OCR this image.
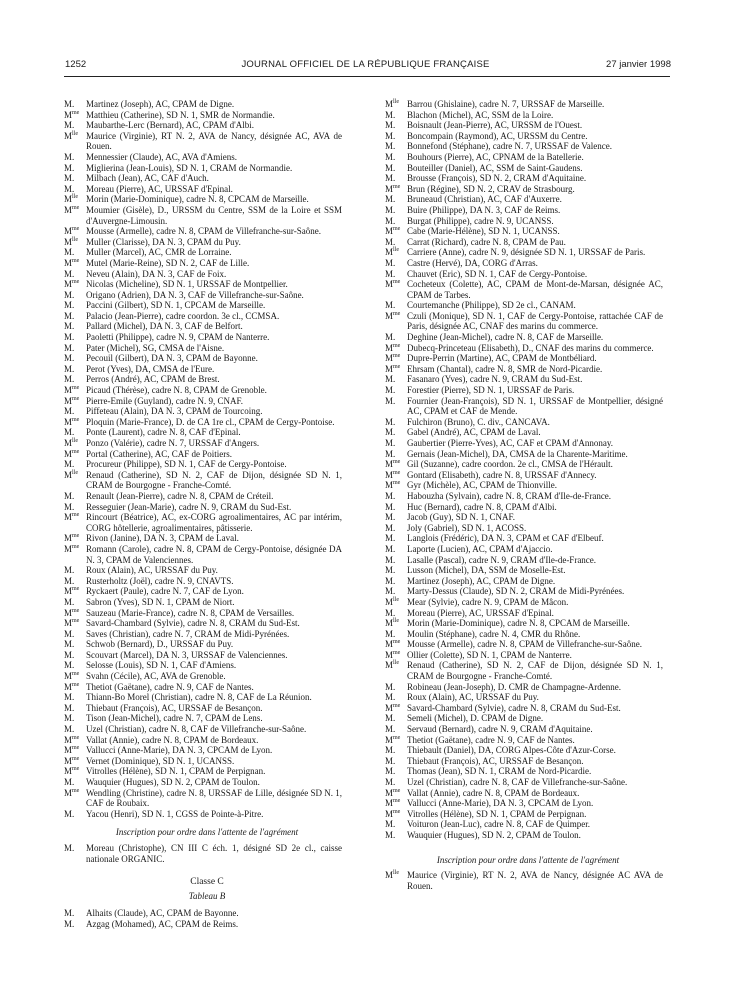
1252	JOURNAL OFFICIEL DE LA RÉPUBLIQUE FRANÇAISE	27 janvier 1998
M.	Martinez (Joseph), AC, CPAM de Digne.
$M^{me}$ Matthieu (Catherine), SD N. 1, SMR de Normandie.
M.	Maubarthe-Lerc (Bernard), AC, CPAM d'Albi.
$M^{lle}$ Maurice (Virginie), RT N. 2, AVA de Nancy, désignée AC, AVA de Rouen.
M.	Mennessier (Claude), AC, AVA d'Amiens.
M.	Miglierina (Jean-Louis), SD N. 1, CRAM de Normandie.
M.	Milbach (Jean), AC, CAF d'Auch.
M.	Moreau (Pierre), AC, URSSAF d'Epinal.
$M^{lle}$ Morin (Marie-Dominique), cadre N. 8, CPCAM de Marseille.
$M^{me}$ Moumier (Gisèle), D., URSSM du Centre, SSM de la Loire et SSM d'Auvergne-Limousin.
$M^{me}$ Mousse (Armelle), cadre N. 8, CPAM de Villefranche-sur-Saône.
$M^{lle}$ Muller (Clarisse), DA N. 3, CPAM du Puy.
M.	Muller (Marcel), AC, CMR de Lorraine.
$M^{me}$ Mutel (Marie-Reine), SD N. 2, CAF de Lille.
M.	Neveu (Alain), DA N. 3, CAF de Foix.
$M^{me}$ Nicolas (Micheline), SD N. 1, URSSAF de Montpellier.
M.	Origano (Adrien), DA N. 3, CAF de Villefranche-sur-Saône.
M.	Paccini (Gilbert), SD N. 1, CPCAM de Marseille.
M.	Palacio (Jean-Pierre), cadre coordon. 3e cl., CCMSA.
M.	Pallard (Michel), DA N. 3, CAF de Belfort.
M.	Paoletti (Philippe), cadre N. 9, CPAM de Nanterre.
M.	Pater (Michel), SG, CMSA de l'Aisne.
M.	Pecouil (Gilbert), DA N. 3, CPAM de Bayonne.
M.	Perot (Yves), DA, CMSA de l'Eure.
M.	Perros (André), AC, CPAM de Brest.
$M^{me}$ Picaud (Thérèse), cadre N. 8, CPAM de Grenoble.
$M^{me}$ Pierre-Emile (Guyland), cadre N. 9, CNAF.
M.	Piffeteau (Alain), DA N. 3, CPAM de Tourcoing.
$M^{me}$ Ploquin (Marie-France), D. de CA 1re cl., CPAM de Cergy-Pontoise.
M.	Ponte (Laurent), cadre N. 8, CAF d'Epinal.
$M^{lle}$ Ponzo (Valérie), cadre N. 7, URSSAF d'Angers.
$M^{me}$ Portal (Catherine), AC, CAF de Poitiers.
M.	Procureur (Philippe), SD N. 1, CAF de Cergy-Pontoise.
$M^{lle}$ Renaud (Catherine), SD N. 2, CAF de Dijon, désignée SD N. 1, CRAM de Bourgogne - Franche-Comté.
M.	Renault (Jean-Pierre), cadre N. 8, CPAM de Créteil.
M.	Resseguier (Jean-Marie), cadre N. 9, CRAM du Sud-Est.
$M^{me}$ Rincourt (Béatrice), AC, ex-CORG agroalimentaires, AC par intérim, CORG hôtellerie, agroalimentaires, pâtisserie.
$M^{me}$ Rivon (Janine), DA N. 3, CPAM de Laval.
$M^{me}$ Romann (Carole), cadre N. 8, CPAM de Cergy-Pontoise, désignée DA N. 3, CPAM de Valenciennes.
M.	Roux (Alain), AC, URSSAF du Puy.
M.	Rusterholtz (Joël), cadre N. 9, CNAVTS.
$M^{me}$ Ryckaert (Paule), cadre N. 7, CAF de Lyon.
M.	Sabron (Yves), SD N. 1, CPAM de Niort.
$M^{me}$ Sauzeau (Marie-France), cadre N. 8, CPAM de Versailles.
$M^{me}$ Savard-Chambard (Sylvie), cadre N. 8, CRAM du Sud-Est.
M.	Saves (Christian), cadre N. 7, CRAM de Midi-Pyrénées.
M.	Schwob (Bernard), D., URSSAF du Puy.
M.	Scouvart (Marcel), DA N. 3, URSSAF de Valenciennes.
M.	Selosse (Louis), SD N. 1, CAF d'Amiens.
$M^{me}$ Svahn (Cécile), AC, AVA de Grenoble.
$M^{me}$ Thetiot (Gaëtane), cadre N. 9, CAF de Nantes.
M.	Thiann-Bo Morel (Christian), cadre N. 8, CAF de La Réunion.
M.	Thiebaut (François), AC, URSSAF de Besançon.
M.	Tison (Jean-Michel), cadre N. 7, CPAM de Lens.
M.	Uzel (Christian), cadre N. 8, CAF de Villefranche-sur-Saône.
$M^{me}$ Vallat (Annie), cadre N. 8, CPAM de Bordeaux.
$M^{me}$ Vallucci (Anne-Marie), DA N. 3, CPCAM de Lyon.
$M^{me}$ Vernet (Dominique), SD N. 1, UCANSS.
$M^{me}$ Vitrolles (Hélène), SD N. 1, CPAM de Perpignan.
M.	Wauquier (Hugues), SD N. 2, CPAM de Toulon.
$M^{me}$ Wendling (Christine), cadre N. 8, URSSAF de Lille, désignée SD N. 1, CAF de Roubaix.
M.	Yacou (Henri), SD N. 1, CGSS de Pointe-à-Pitre.
Inscription pour ordre dans l'attente de l'agrément
M.	Moreau (Christophe), CN III C éch. 1, désigné SD 2e cl., caisse nationale ORGANIC.
Classe C
Tableau B
M.	Alhaits (Claude), AC, CPAM de Bayonne.
M.	Azgag (Mohamed), AC, CPAM de Reims.
$M^{lle}$ Barrou (Ghislaine), cadre N. 7, URSSAF de Marseille.
M.	Blachon (Michel), AC, SSM de la Loire.
M.	Boisnault (Jean-Pierre), AC, URSSM de l'Ouest.
M.	Boncompain (Raymond), AC, URSSM du Centre.
M.	Bonnefond (Stéphane), cadre N. 7, URSSAF de Valence.
M.	Bouhours (Pierre), AC, CPNAM de la Batellerie.
M.	Bouteiller (Daniel), AC, SSM de Saint-Gaudens.
M.	Brousse (François), SD N. 2, CRAM d'Aquitaine.
$M^{me}$ Brun (Régine), SD N. 2, CRAV de Strasbourg.
M.	Bruneaud (Christian), AC, CAF d'Auxerre.
M.	Buire (Philippe), DA N. 3, CAF de Reims.
M.	Burgat (Philippe), cadre N. 9, UCANSS.
$M^{me}$ Cabe (Marie-Hélène), SD N. 1, UCANSS.
M.	Carrat (Richard), cadre N. 8, CPAM de Pau.
$M^{lle}$ Carriere (Anne), cadre N. 9, désignée SD N. 1, URSSAF de Paris.
M.	Castre (Hervé), DA, CORG d'Arras.
M.	Chauvet (Eric), SD N. 1, CAF de Cergy-Pontoise.
$M^{me}$ Cocheteux (Colette), AC, CPAM de Mont-de-Marsan, désignée AC, CPAM de Tarbes.
M.	Courtemanche (Philippe), SD 2e cl., CANAM.
$M^{me}$ Czuli (Monique), SD N. 1, CAF de Cergy-Pontoise, rattachée CAF de Paris, désignée AC, CNAF des marins du commerce.
M.	Deghine (Jean-Michel), cadre N. 8, CAF de Marseille.
$M^{me}$ Dubecq-Princeteau (Elisabeth), D., CNAF des marins du commerce.
$M^{me}$ Dupre-Perrin (Martine), AC, CPAM de Montbéliard.
$M^{me}$ Ehrsam (Chantal), cadre N. 8, SMR de Nord-Picardie.
M.	Fasanaro (Yves), cadre N. 9, CRAM du Sud-Est.
M.	Forestier (Pierre), SD N. 1, URSSAF de Paris.
M.	Fournier (Jean-François), SD N. 1, URSSAF de Montpellier, désigné AC, CPAM et CAF de Mende.
M.	Fulchiron (Bruno), C. div., CANCAVA.
M.	Gabel (André), AC, CPAM de Laval.
M.	Gaubertier (Pierre-Yves), AC, CAF et CPAM d'Annonay.
M.	Gernais (Jean-Michel), DA, CMSA de la Charente-Maritime.
$M^{me}$ Gil (Suzanne), cadre coordon. 2e cl., CMSA de l'Hérault.
$M^{me}$ Gontard (Elisabeth), cadre N. 8, URSSAF d'Annecy.
$M^{me}$ Gyr (Michèle), AC, CPAM de Thionville.
M.	Habouzha (Sylvain), cadre N. 8, CRAM d'Ile-de-France.
M.	Huc (Bernard), cadre N. 8, CPAM d'Albi.
M.	Jacob (Guy), SD N. 1, CNAF.
M.	Joly (Gabriel), SD N. 1, ACOSS.
M.	Langlois (Frédéric), DA N. 3, CPAM et CAF d'Elbeuf.
M.	Laporte (Lucien), AC, CPAM d'Ajaccio.
M.	Lasalle (Pascal), cadre N. 9, CRAM d'Ile-de-France.
M.	Lusson (Michel), DA, SSM de Moselle-Est.
M.	Martinez (Joseph), AC, CPAM de Digne.
M.	Marty-Dessus (Claude), SD N. 2, CRAM de Midi-Pyrénées.
$M^{lle}$ Mear (Sylvie), cadre N. 9, CPAM de Mâcon.
M.	Moreau (Pierre), AC, URSSAF d'Epinal.
$M^{lle}$ Morin (Marie-Dominique), cadre N. 8, CPCAM de Marseille.
M.	Moulin (Stéphane), cadre N. 4, CMR du Rhône.
$M^{me}$ Mousse (Armelle), cadre N. 8, CPAM de Villefranche-sur-Saône.
$M^{me}$ Ollier (Colette), SD N. 1, CPAM de Nanterre.
$M^{lle}$ Renaud (Catherine), SD N. 2, CAF de Dijon, désignée SD N. 1, CRAM de Bourgogne - Franche-Comté.
M.	Robineau (Jean-Joseph), D. CMR de Champagne-Ardenne.
M.	Roux (Alain), AC, URSSAF du Puy.
$M^{me}$ Savard-Chambard (Sylvie), cadre N. 8, CRAM du Sud-Est.
M.	Semeli (Michel), D. CPAM de Digne.
M.	Servaud (Bernard), cadre N. 9, CRAM d'Aquitaine.
$M^{me}$ Thetiot (Gaëtane), cadre N. 9, CAF de Nantes.
M.	Thiebault (Daniel), DA, CORG Alpes-Côte d'Azur-Corse.
M.	Thiebaut (François), AC, URSSAF de Besançon.
M.	Thomas (Jean), SD N. 1, CRAM de Nord-Picardie.
M.	Uzel (Christian), cadre N. 8, CAF de Villefranche-sur-Saône.
$M^{me}$ Vallat (Annie), cadre N. 8, CPAM de Bordeaux.
$M^{me}$ Vallucci (Anne-Marie), DA N. 3, CPCAM de Lyon.
$M^{me}$ Vitrolles (Hélène), SD N. 1, CPAM de Perpignan.
M.	Voituron (Jean-Luc), cadre N. 8, CAF de Quimper.
M.	Wauquier (Hugues), SD N. 2, CPAM de Toulon.
Inscription pour ordre dans l'attente de l'agrément
$M^{lle}$ Maurice (Virginie), RT N. 2, AVA de Nancy, désignée AC AVA de Rouen.
